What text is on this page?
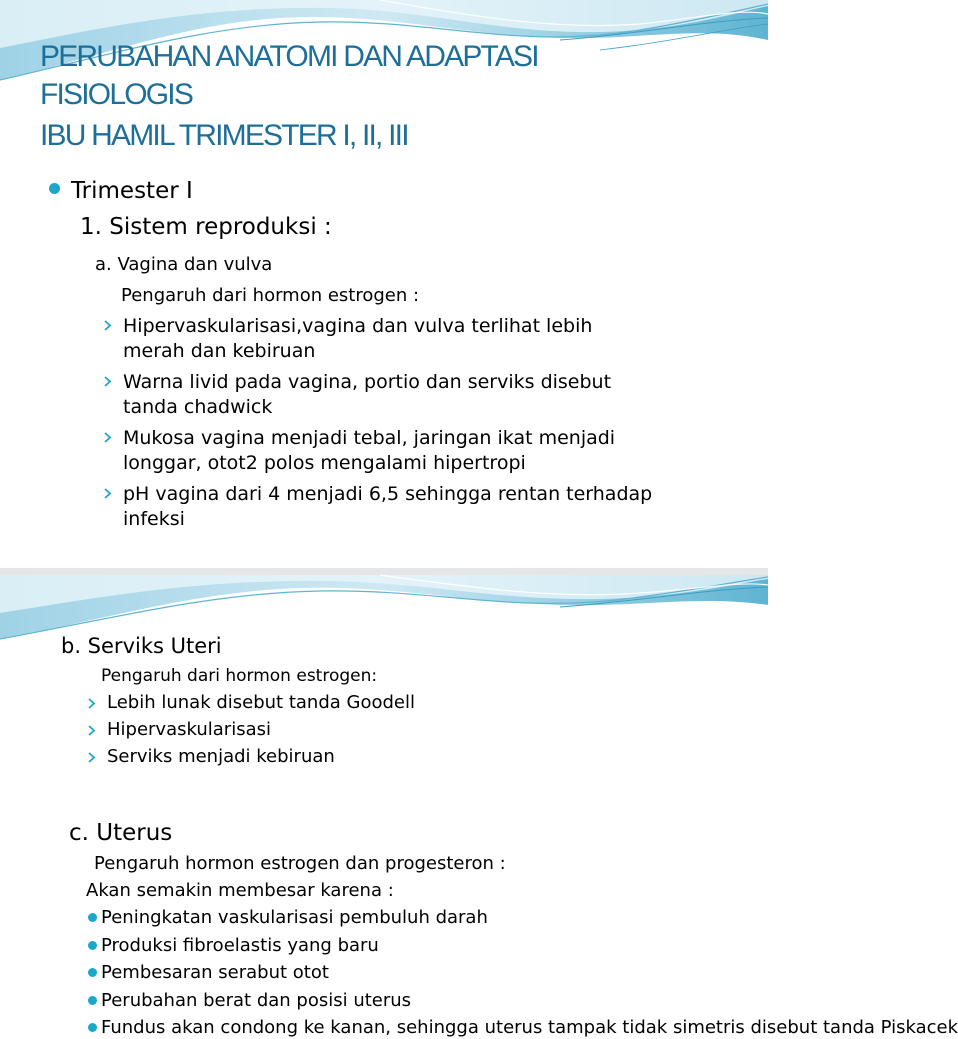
PERUBAHAN ANATOMI DAN ADAPTASI
FISIOLOGIS
IBU HAMIL TRIMESTER I, II, III
Trimester I
1. Sistem reproduksi :
a. Vagina dan vulva
Pengaruh dari hormon estrogen :
Hipervaskularisasi,vagina dan vulva terlihat lebih
merah dan kebiruan
Warna livid pada vagina, portio dan serviks disebut
tanda chadwick
Mukosa vagina menjadi tebal, jaringan ikat menjadi
longgar, otot2 polos mengalami hipertropi
pH vagina dari 4 menjadi 6,5 sehingga rentan terhadap
infeksi
b. Serviks Uteri
Pengaruh dari hormon estrogen:
Lebih lunak disebut tanda Goodell
Hipervaskularisasi
Serviks menjadi kebiruan
c. Uterus
Pengaruh hormon estrogen dan progesteron :
Akan semakin membesar karena :
Peningkatan vaskularisasi pembuluh darah
Produksi fibroelastis yang baru
Pembesaran serabut otot
Perubahan berat dan posisi uterus
Fundus akan condong ke kanan, sehingga uterus tampak tidak simetris disebut tanda Piskacek
